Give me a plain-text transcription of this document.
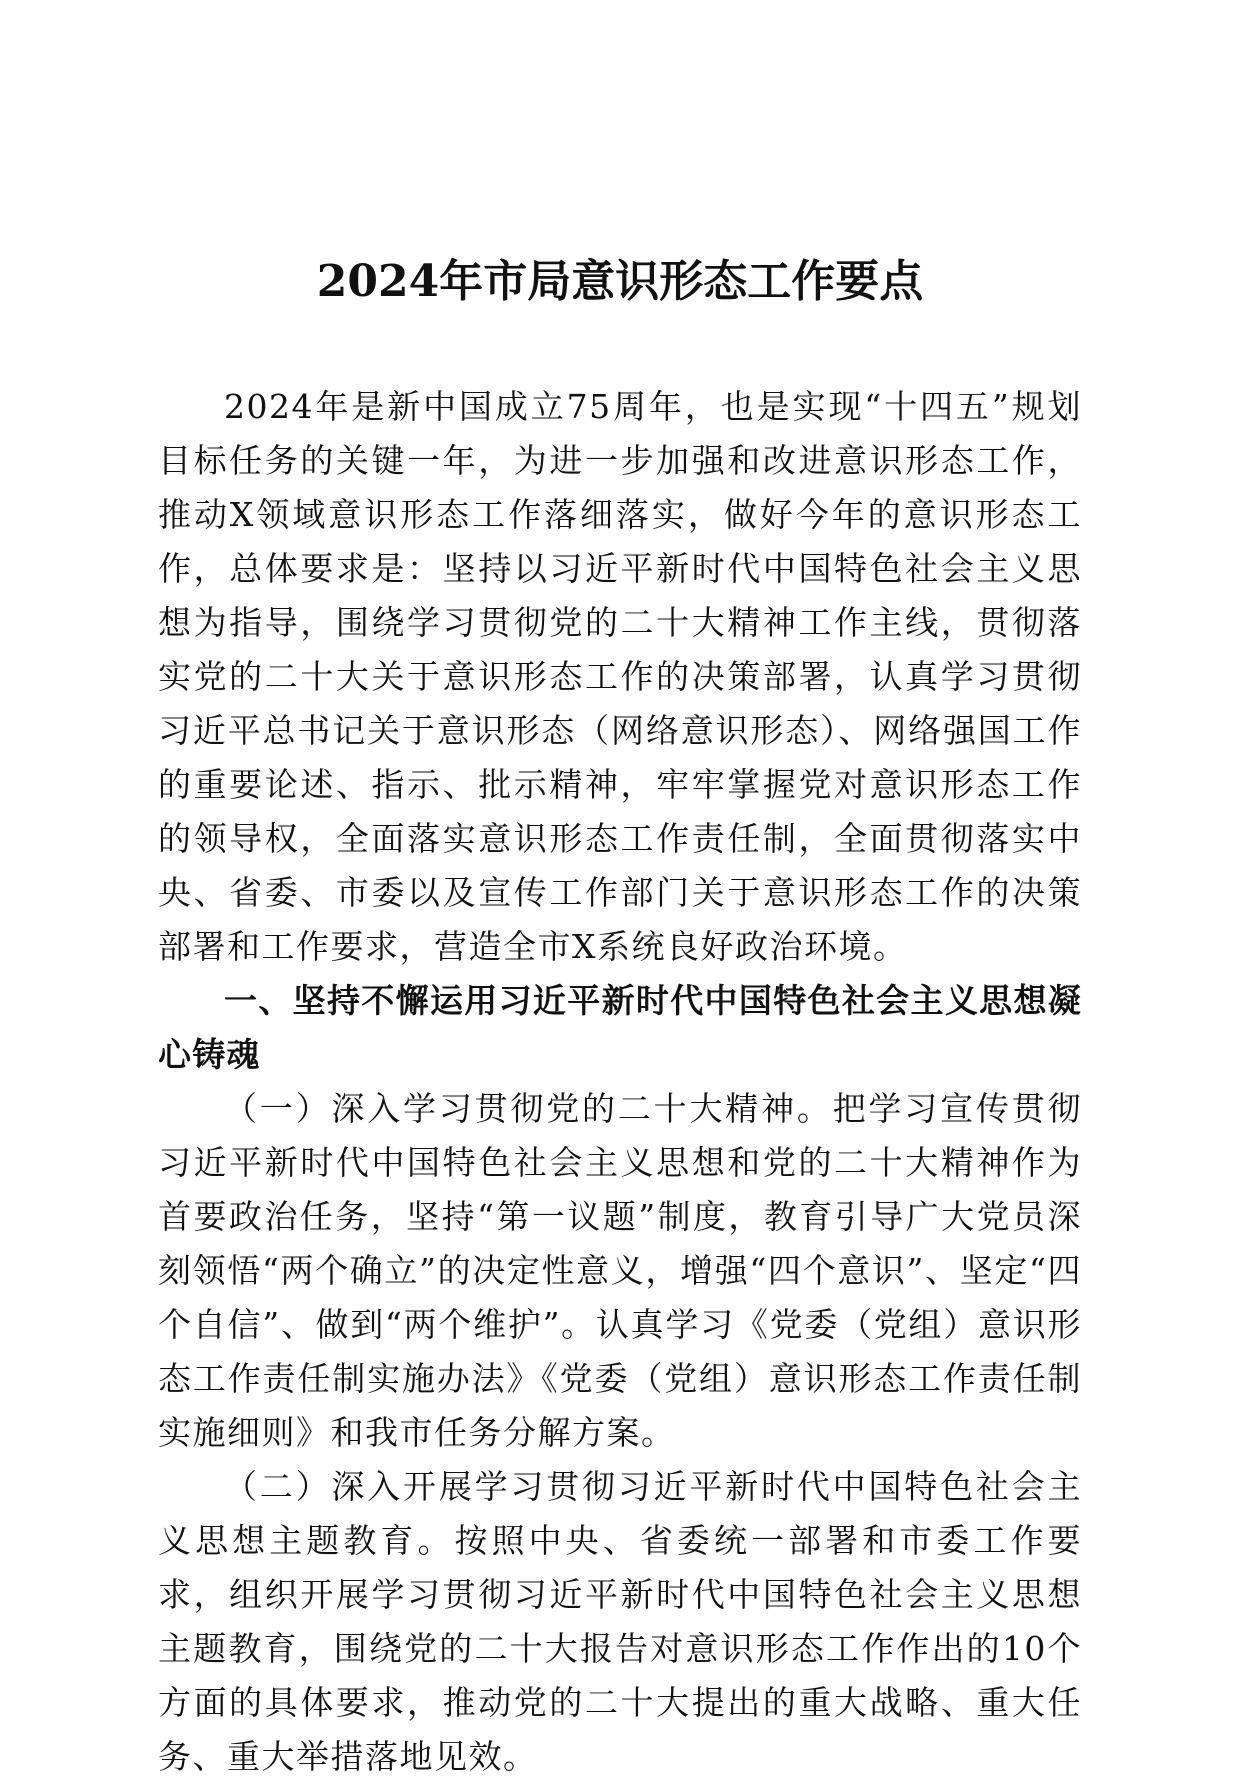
2024年市局意识形态工作要点

2024年是新中国成立75周年，也是实现“十四五”规划目标任务的关键一年，为进一步加强和改进意识形态工作，推动X领域意识形态工作落细落实，做好今年的意识形态工作，总体要求是：坚持以习近平新时代中国特色社会主义思想为指导，围绕学习贯彻党的二十大精神工作主线，贯彻落实党的二十大关于意识形态工作的决策部署，认真学习贯彻习近平总书记关于意识形态（网络意识形态）、网络强国工作的重要论述、指示、批示精神，牢牢掌握党对意识形态工作的领导权，全面落实意识形态工作责任制，全面贯彻落实中央、省委、市委以及宣传工作部门关于意识形态工作的决策部署和工作要求，营造全市X系统良好政治环境。

一、坚持不懈运用习近平新时代中国特色社会主义思想凝心铸魂

（一）深入学习贯彻党的二十大精神。把学习宣传贯彻习近平新时代中国特色社会主义思想和党的二十大精神作为首要政治任务，坚持“第一议题”制度，教育引导广大党员深刻领悟“两个确立”的决定性意义，增强“四个意识”、坚定“四个自信”、做到“两个维护”。认真学习《党委（党组）意识形态工作责任制实施办法》《党委（党组）意识形态工作责任制实施细则》和我市任务分解方案。

（二）深入开展学习贯彻习近平新时代中国特色社会主义思想主题教育。按照中央、省委统一部署和市委工作要求，组织开展学习贯彻习近平新时代中国特色社会主义思想主题教育，围绕党的二十大报告对意识形态工作作出的10个方面的具体要求，推动党的二十大提出的重大战略、重大任务、重大举措落地见效。
